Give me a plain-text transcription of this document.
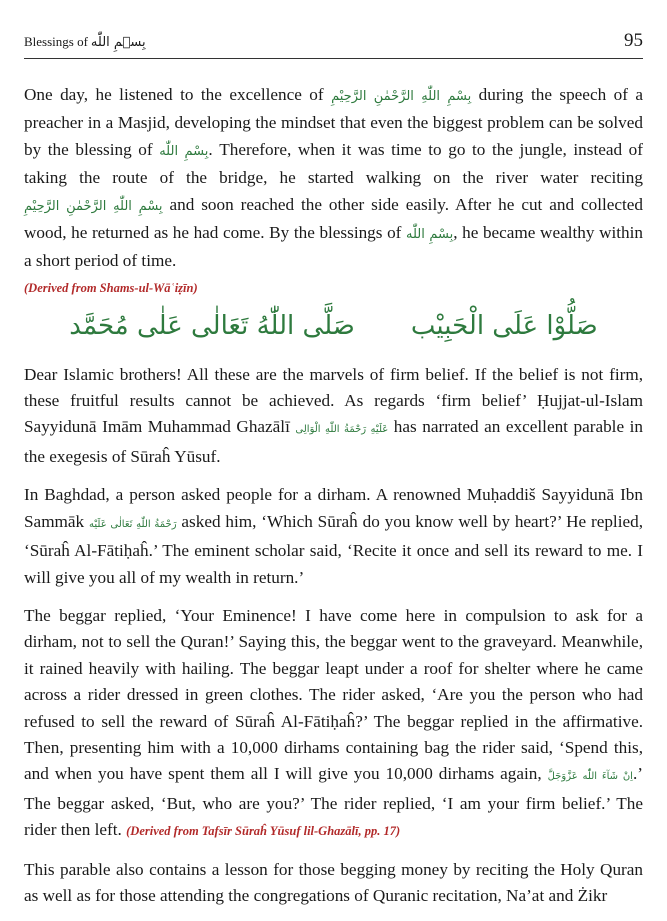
Blessings of بِسۡمِ اللّٰه	95

One day, he listened to the excellence of بِسْمِ اللّٰهِ الرَّحْمٰنِ الرَّحِيْمِ during the speech of a preacher in a Masjid, developing the mindset that even the biggest problem can be solved by the blessing of بِسْمِ اللّٰه. Therefore, when it was time to go to the jungle, instead of taking the route of the bridge, he started walking on the river water reciting بِسْمِ اللّٰهِ الرَّحْمٰنِ الرَّحِيْمِ and soon reached the other side easily. After he cut and collected wood, he returned as he had come. By the blessings of بِسْمِ اللّٰه, he became wealthy within a short period of time.
(Derived from Shams-ul-Wāʿiẓīn)

صَلُّوْا عَلَى الْحَبِيْب
صَلَّى اللّٰهُ تَعَالٰى عَلٰى مُحَمَّد

Dear Islamic brothers! All these are the marvels of firm belief. If the belief is not firm, these fruitful results cannot be achieved. As regards ‘firm belief’ Ḥujjat-ul-Islam Sayyidunā Imām Muhammad Ghazālī عَلَيْهِ رَحْمَةُ اللّٰهِ الْوَالِى has narrated an excellent parable in the exegesis of Sūraĥ Yūsuf.

In Baghdad, a person asked people for a dirham. A renowned Muḥaddiš Sayyidunā Ibn Sammāk رَحْمَةُ اللّٰهِ تَعَالٰى عَلَيْه asked him, ‘Which Sūraĥ do you know well by heart?’ He replied, ‘Sūraĥ Al-Fātiḥaĥ.’ The eminent scholar said, ‘Recite it once and sell its reward to me. I will give you all of my wealth in return.’

The beggar replied, ‘Your Eminence! I have come here in compulsion to ask for a dirham, not to sell the Quran!’ Saying this, the beggar went to the graveyard. Meanwhile, it rained heavily with hailing. The beggar leapt under a roof for shelter where he came across a rider dressed in green clothes. The rider asked, ‘Are you the person who had refused to sell the reward of Sūraĥ Al-Fātiḥaĥ?’ The beggar replied in the affirmative. Then, presenting him with a 10,000 dirhams containing bag the rider said, ‘Spend this, and when you have spent them all I will give you 10,000 dirhams again, اِنْ شَآءَ اللّٰه عَزَّوَجَلَّ.’ The beggar asked, ‘But, who are you?’ The rider replied, ‘I am your firm belief.’ The rider then left. (Derived from Tafsīr Sūraĥ Yūsuf lil-Ghazālī, pp. 17)

This parable also contains a lesson for those begging money by reciting the Holy Quran as well as for those attending the congregations of Quranic recitation, Na’at and Żikr
